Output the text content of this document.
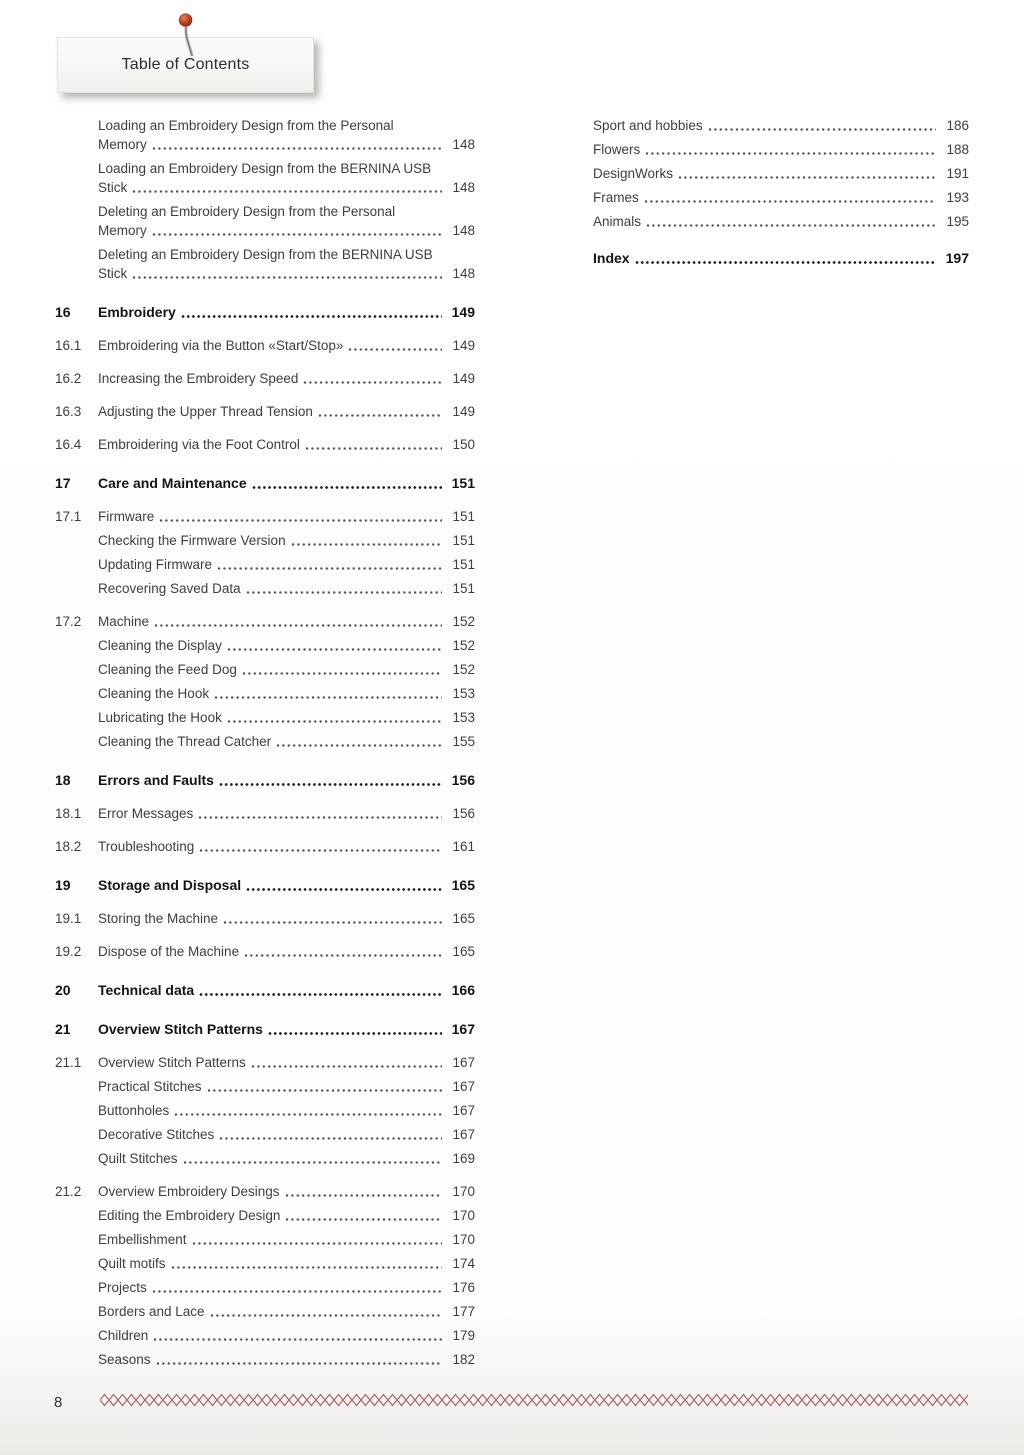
Table of Contents
Loading an Embroidery Design from the Personal
Memory	148
Loading an Embroidery Design from the BERNINA USB
Stick	148
Deleting an Embroidery Design from the Personal
Memory	148
Deleting an Embroidery Design from the BERNINA USB
Stick	148
16	Embroidery	149
16.1	Embroidering via the Button «Start/Stop»	149
16.2	Increasing the Embroidery Speed	149
16.3	Adjusting the Upper Thread Tension	149
16.4	Embroidering via the Foot Control	150
17	Care and Maintenance	151
17.1	Firmware	151
Checking the Firmware Version	151
Updating Firmware	151
Recovering Saved Data	151
17.2	Machine	152
Cleaning the Display	152
Cleaning the Feed Dog	152
Cleaning the Hook	153
Lubricating the Hook	153
Cleaning the Thread Catcher	155
18	Errors and Faults	156
18.1	Error Messages	156
18.2	Troubleshooting	161
19	Storage and Disposal	165
19.1	Storing the Machine	165
19.2	Dispose of the Machine	165
20	Technical data	166
21	Overview Stitch Patterns	167
21.1	Overview Stitch Patterns	167
Practical Stitches	167
Buttonholes	167
Decorative Stitches	167
Quilt Stitches	169
21.2	Overview Embroidery Desings	170
Editing the Embroidery Design	170
Embellishment	170
Quilt motifs	174
Projects	176
Borders and Lace	177
Children	179
Seasons	182
Sport and hobbies	186
Flowers	188
DesignWorks	191
Frames	193
Animals	195
Index	197
8
